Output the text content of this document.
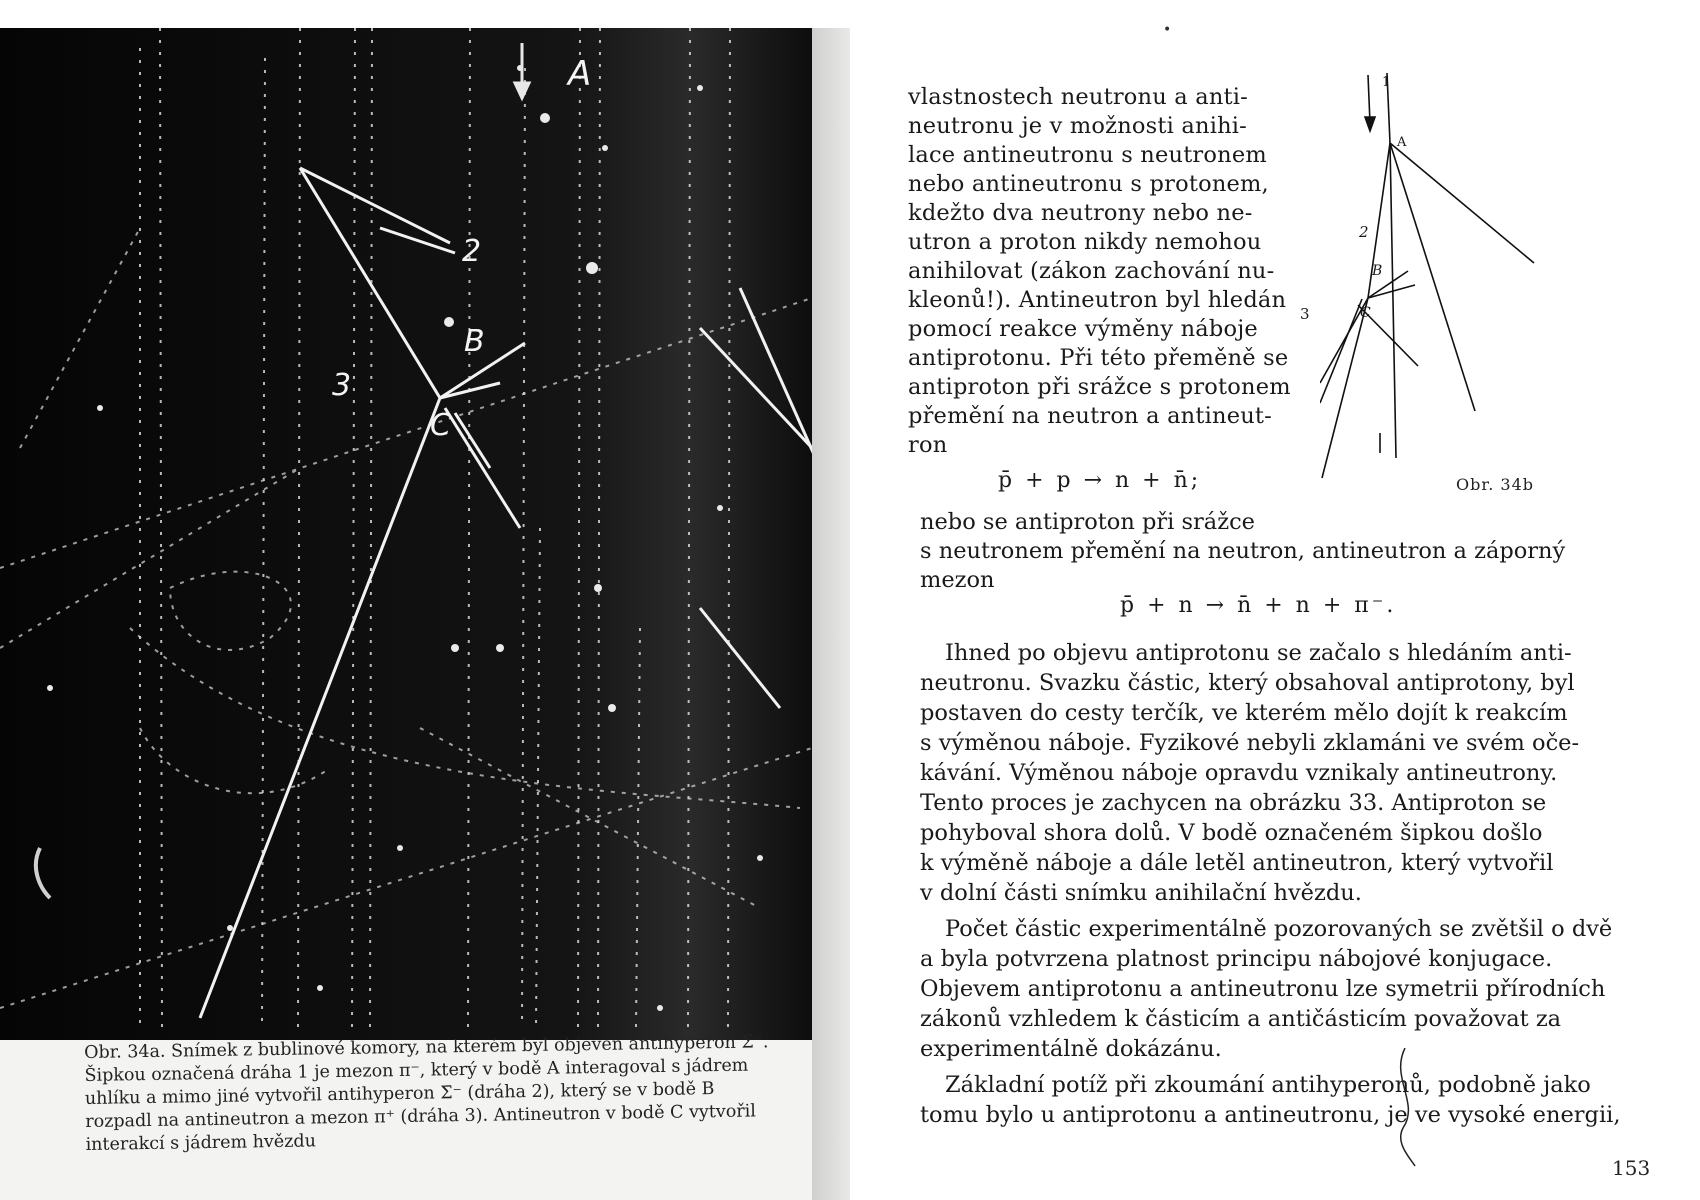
A
2
B
3
C

Obr. 34a. Snímek z bublinové komory, na kterém byl objeven antihyperon Σ̄⁻.

Šipkou označená dráha 1 je mezon π⁻, který v bodě A interagoval s jádrem

uhlíku a mimo jiné vytvořil antihyperon Σ̄⁻ (dráha 2), který se v bodě B

rozpadl na antineutron a mezon π⁺ (dráha 3). Antineutron v bodě C vytvořil

interakcí s jádrem hvězdu

•
vlastnostech neutronu a anti-
neutronu je v možnosti anihi-
lace antineutronu s neutronem
nebo antineutronu s protonem,
kdežto dva neutrony nebo ne-
utron a proton nikdy nemohou
anihilovat (zákon zachování nu-
kleonů!). Antineutron byl hledán
pomocí reakce výměny náboje
antiprotonu. Při této přeměně se
antiproton při srážce s protonem
přemění na neutron a antineut-
ron
p̄ + p → n + n̄;
1
A
2
B
3	C
Obr. 34b
nebo se antiproton při srážce
s neutronem přemění na neutron, antineutron a záporný
mezon
p̄ + n → n̄ + n + π⁻.

Ihned po objevu antiprotonu se začalo s hledáním anti-
neutronu. Svazku částic, který obsahoval antiprotony, byl
postaven do cesty terčík, ve kterém mělo dojít k reakcím
s výměnou náboje. Fyzikové nebyli zklamáni ve svém oče-
kávání. Výměnou náboje opravdu vznikaly antineutrony.
Tento proces je zachycen na obrázku 33. Antiproton se
pohyboval shora dolů. V bodě označeném šipkou došlo
k výměně náboje a dále letěl antineutron, který vytvořil
v dolní části snímku anihilační hvězdu.

Počet částic experimentálně pozorovaných se zvětšil o dvě
a byla potvrzena platnost principu nábojové konjugace.
Objevem antiprotonu a antineutronu lze symetrii přírodních
zákonů vzhledem k částicím a antičásticím považovat za
experimentálně dokázánu.

Základní potíž při zkoumání antihyperonů, podobně jako
tomu bylo u antiprotonu a antineutronu, je ve vysoké energii,

153
